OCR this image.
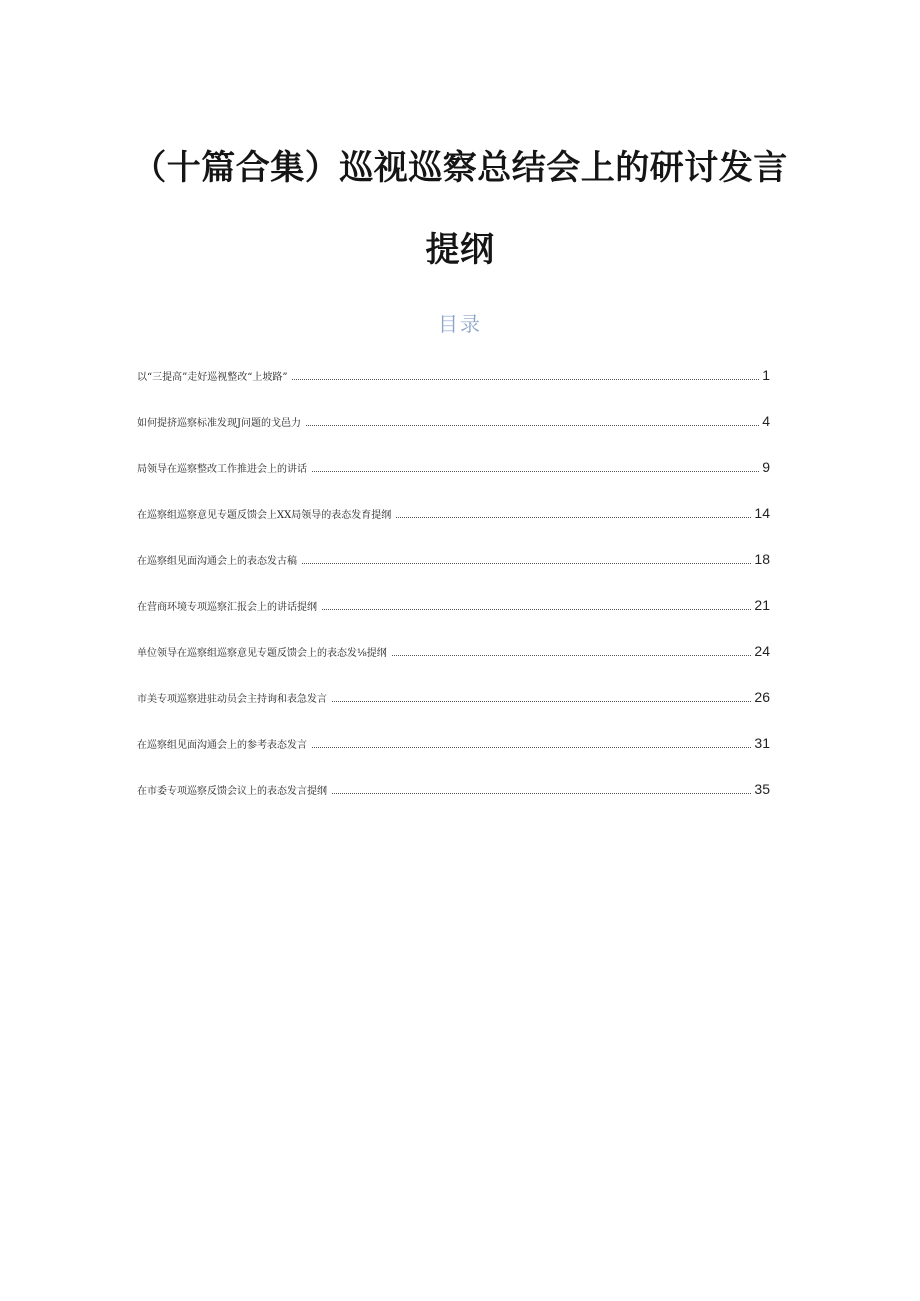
（十篇合集）巡视巡察总结会上的研讨发言
提纲
目录
以“三提高”走好巡视整改“上坡路”	1
如何提挤巡察标准发现J问题的戈邑力	4
局领导在巡察整改工作推进会上的讲话	9
在巡察组巡察意见专题反馈会上XX局领导的表态发育提纲	14
在巡察组见面沟通会上的表态发古稿	18
在营商环境专项巡察汇报会上的讲话提纲	21
单位领导在巡察组巡察意见专题反馈会上的表态发⅛提纲	24
市美专项巡察进驻动员会主持询和表急发言	26
在巡察组见面沟通会上的参考表态发言	31
在市委专项巡察反馈会议上的表态发言提纲	35
